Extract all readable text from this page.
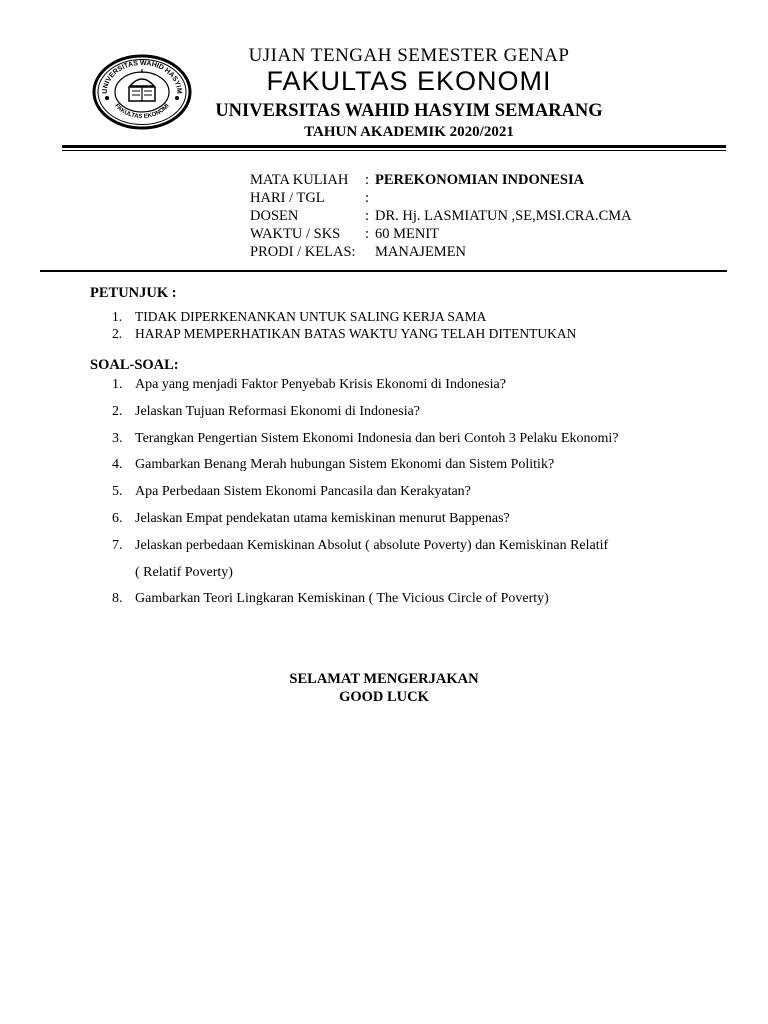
UNIVERSITAS WAHID HASYIM
FAKULTAS EKONOMI
UJIAN TENGAH SEMESTER GENAP
FAKULTAS EKONOMI
UNIVERSITAS WAHID HASYIM SEMARANG
TAHUN AKADEMIK 2020/2021
MATA KULIAH	: PEREKONOMIAN INDONESIA
HARI / TGL	:
DOSEN	: DR. Hj. LASMIATUN ,SE,MSI.CRA.CMA
WAKTU / SKS	: 60 MENIT
PRODI / KELAS:	MANAJEMEN
PETUNJUK :
1. TIDAK DIPERKENANKAN UNTUK SALING KERJA SAMA
2. HARAP MEMPERHATIKAN BATAS WAKTU YANG TELAH DITENTUKAN
SOAL-SOAL:
1. Apa yang menjadi Faktor Penyebab Krisis Ekonomi di Indonesia?
2. Jelaskan Tujuan Reformasi Ekonomi di Indonesia?
3. Terangkan Pengertian Sistem Ekonomi Indonesia dan beri Contoh 3 Pelaku Ekonomi?
4. Gambarkan Benang Merah hubungan Sistem Ekonomi dan Sistem Politik?
5. Apa Perbedaan Sistem Ekonomi Pancasila dan Kerakyatan?
6. Jelaskan Empat pendekatan utama kemiskinan menurut Bappenas?
7. Jelaskan perbedaan Kemiskinan Absolut ( absolute Poverty) dan Kemiskinan Relatif
( Relatif Poverty)
8. Gambarkan Teori Lingkaran Kemiskinan ( The Vicious Circle of Poverty)
SELAMAT MENGERJAKAN
GOOD LUCK
